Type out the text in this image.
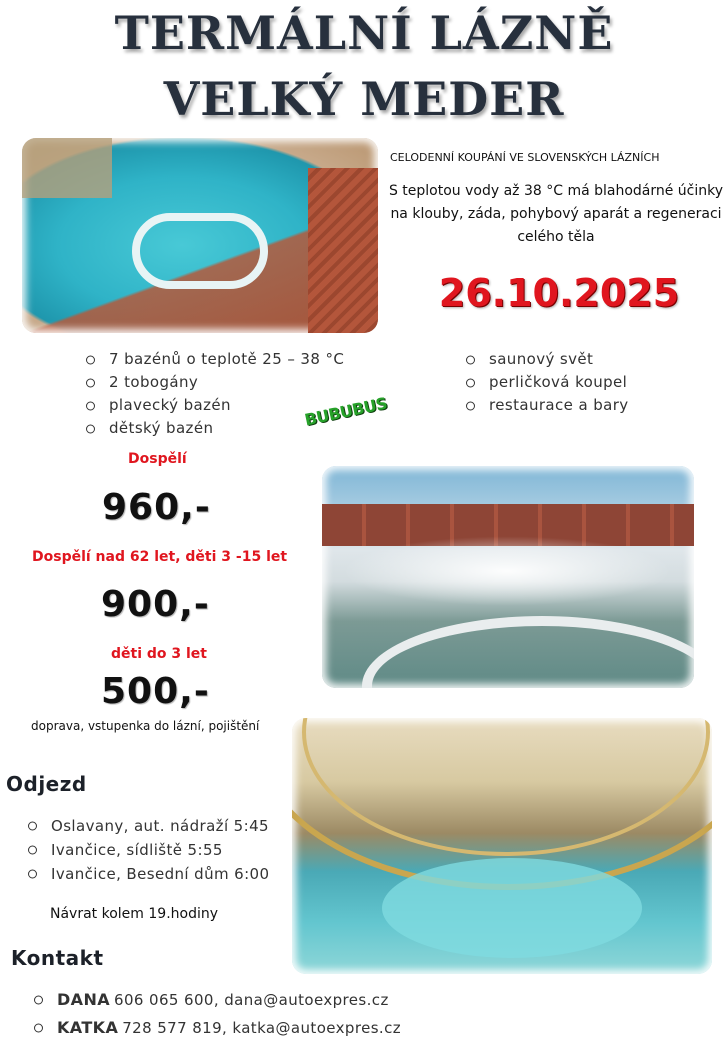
TERMÁLNÍ LÁZNĚ
VELKÝ MEDER
CELODENNÍ KOUPÁNÍ VE SLOVENSKÝCH LÁZNÍCH
S teplotou vody až 38 °C má blahodárné účinky na klouby, záda, pohybový aparát a regeneraci celého těla
26.10.2025
7 bazénů o teplotě 25 – 38 °C
2 tobogány
plavecký bazén
dětský bazén
saunový svět
perličková koupel
restaurace a bary
BUBUBUS
Dospělí
960,-
Dospělí nad 62 let, děti 3 -15 let
900,-
děti do 3 let
500,-
doprava, vstupenka do lázní, pojištění
Odjezd
Oslavany, aut. nádraží 5:45
Ivančice, sídliště 5:55
Ivančice, Besední dům 6:00
Návrat kolem 19.hodiny
Kontakt
DANA 606 065 600, dana@autoexpres.cz
KATKA 728 577 819, katka@autoexpres.cz
